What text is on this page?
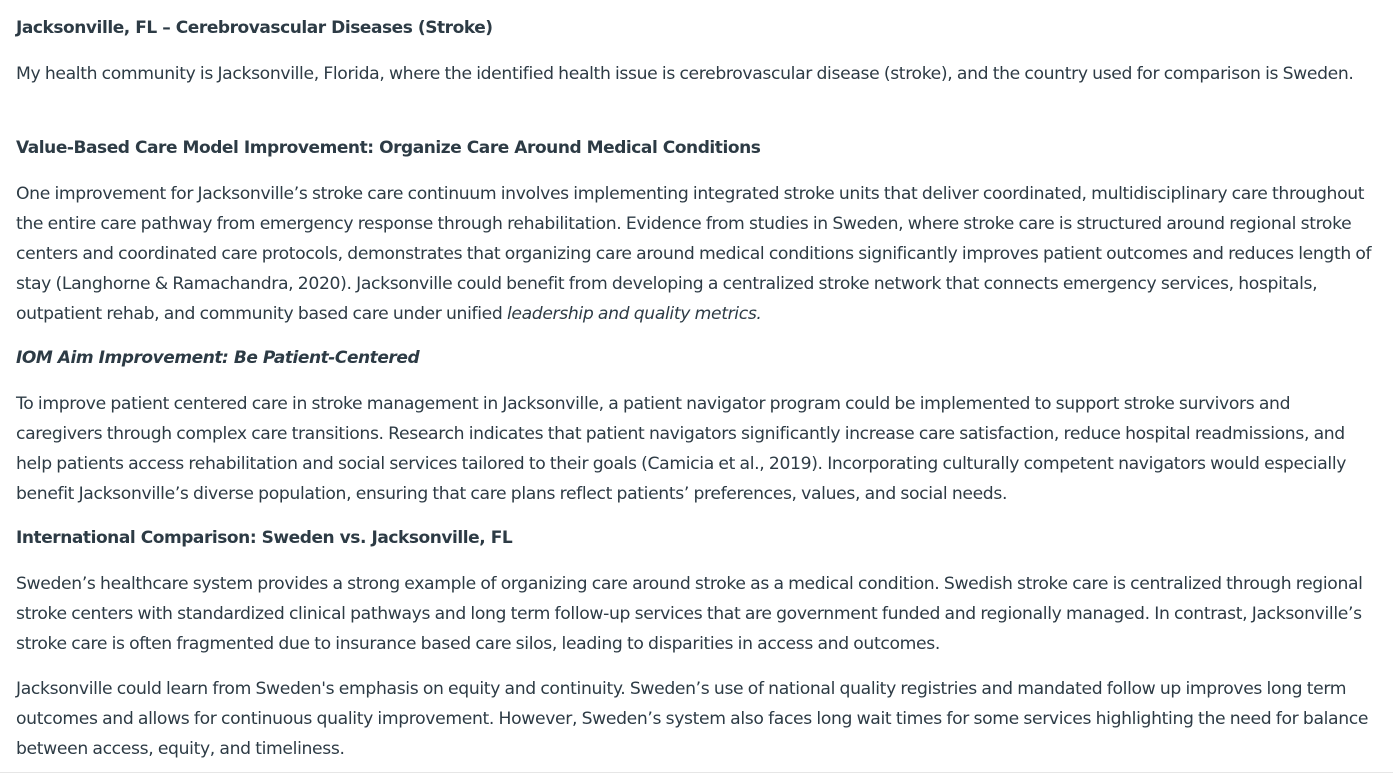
Jacksonville, FL – Cerebrovascular Diseases (Stroke)

My health community is Jacksonville, Florida, where the identified health issue is cerebrovascular disease (stroke), and the country used for comparison is Sweden.

Value-Based Care Model Improvement: Organize Care Around Medical Conditions

One improvement for Jacksonville’s stroke care continuum involves implementing integrated stroke units that deliver coordinated, multidisciplinary care throughout the entire care pathway from emergency response through rehabilitation. Evidence from studies in Sweden, where stroke care is structured around regional stroke centers and coordinated care protocols, demonstrates that organizing care around medical conditions significantly improves patient outcomes and reduces length of stay (Langhorne & Ramachandra, 2020). Jacksonville could benefit from developing a centralized stroke network that connects emergency services, hospitals, outpatient rehab, and community based care under unified leadership and quality metrics.

IOM Aim Improvement: Be Patient-Centered

To improve patient centered care in stroke management in Jacksonville, a patient navigator program could be implemented to support stroke survivors and caregivers through complex care transitions. Research indicates that patient navigators significantly increase care satisfaction, reduce hospital readmissions, and help patients access rehabilitation and social services tailored to their goals (Camicia et al., 2019). Incorporating culturally competent navigators would especially benefit Jacksonville’s diverse population, ensuring that care plans reflect patients’ preferences, values, and social needs.

International Comparison: Sweden vs. Jacksonville, FL

Sweden’s healthcare system provides a strong example of organizing care around stroke as a medical condition. Swedish stroke care is centralized through regional stroke centers with standardized clinical pathways and long term follow-up services that are government funded and regionally managed. In contrast, Jacksonville’s stroke care is often fragmented due to insurance based care silos, leading to disparities in access and outcomes.

Jacksonville could learn from Sweden's emphasis on equity and continuity. Sweden’s use of national quality registries and mandated follow up improves long term outcomes and allows for continuous quality improvement. However, Sweden’s system also faces long wait times for some services highlighting the need for balance between access, equity, and timeliness.
